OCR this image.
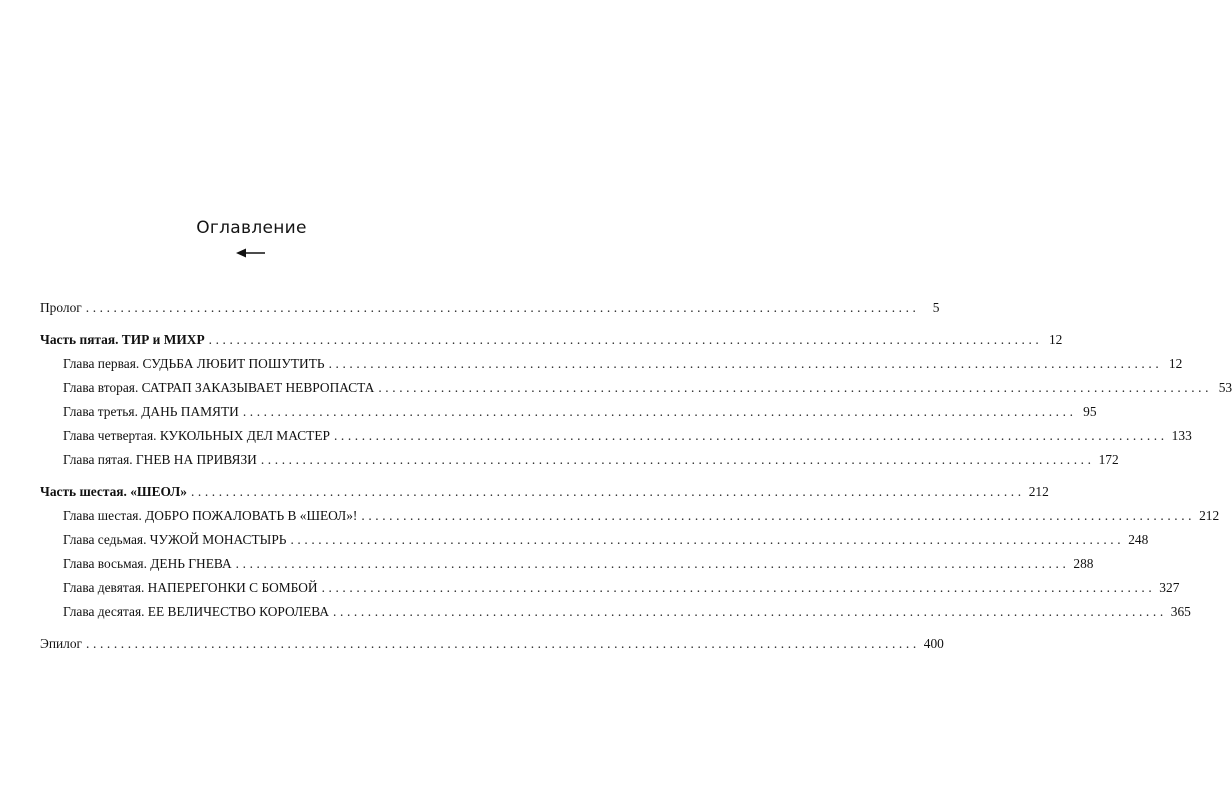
Оглавление
Пролог ........................................................................................................................ 5
Часть пятая. ТИР и МИХР ........................................................................................................................ 12
Глава первая. СУДЬБА ЛЮБИТ ПОШУТИТЬ ........................................................................................................................ 12
Глава вторая. САТРАП ЗАКАЗЫВАЕТ НЕВРОПАСТА ........................................................................................................................ 53
Глава третья. ДАНЬ ПАМЯТИ ........................................................................................................................ 95
Глава четвертая. КУКОЛЬНЫХ ДЕЛ МАСТЕР ........................................................................................................................ 133
Глава пятая. ГНЕВ НА ПРИВЯЗИ ........................................................................................................................ 172
Часть шестая. «ШЕОЛ» ........................................................................................................................ 212
Глава шестая. ДОБРО ПОЖАЛОВАТЬ В «ШЕОЛ»! ........................................................................................................................ 212
Глава седьмая. ЧУЖОЙ МОНАСТЫРЬ ........................................................................................................................ 248
Глава восьмая. ДЕНЬ ГНЕВА ........................................................................................................................ 288
Глава девятая. НАПЕРЕГОНКИ С БОМБОЙ ........................................................................................................................ 327
Глава десятая. ЕЕ ВЕЛИЧЕСТВО КОРОЛЕВА ........................................................................................................................ 365
Эпилог ........................................................................................................................ 400
